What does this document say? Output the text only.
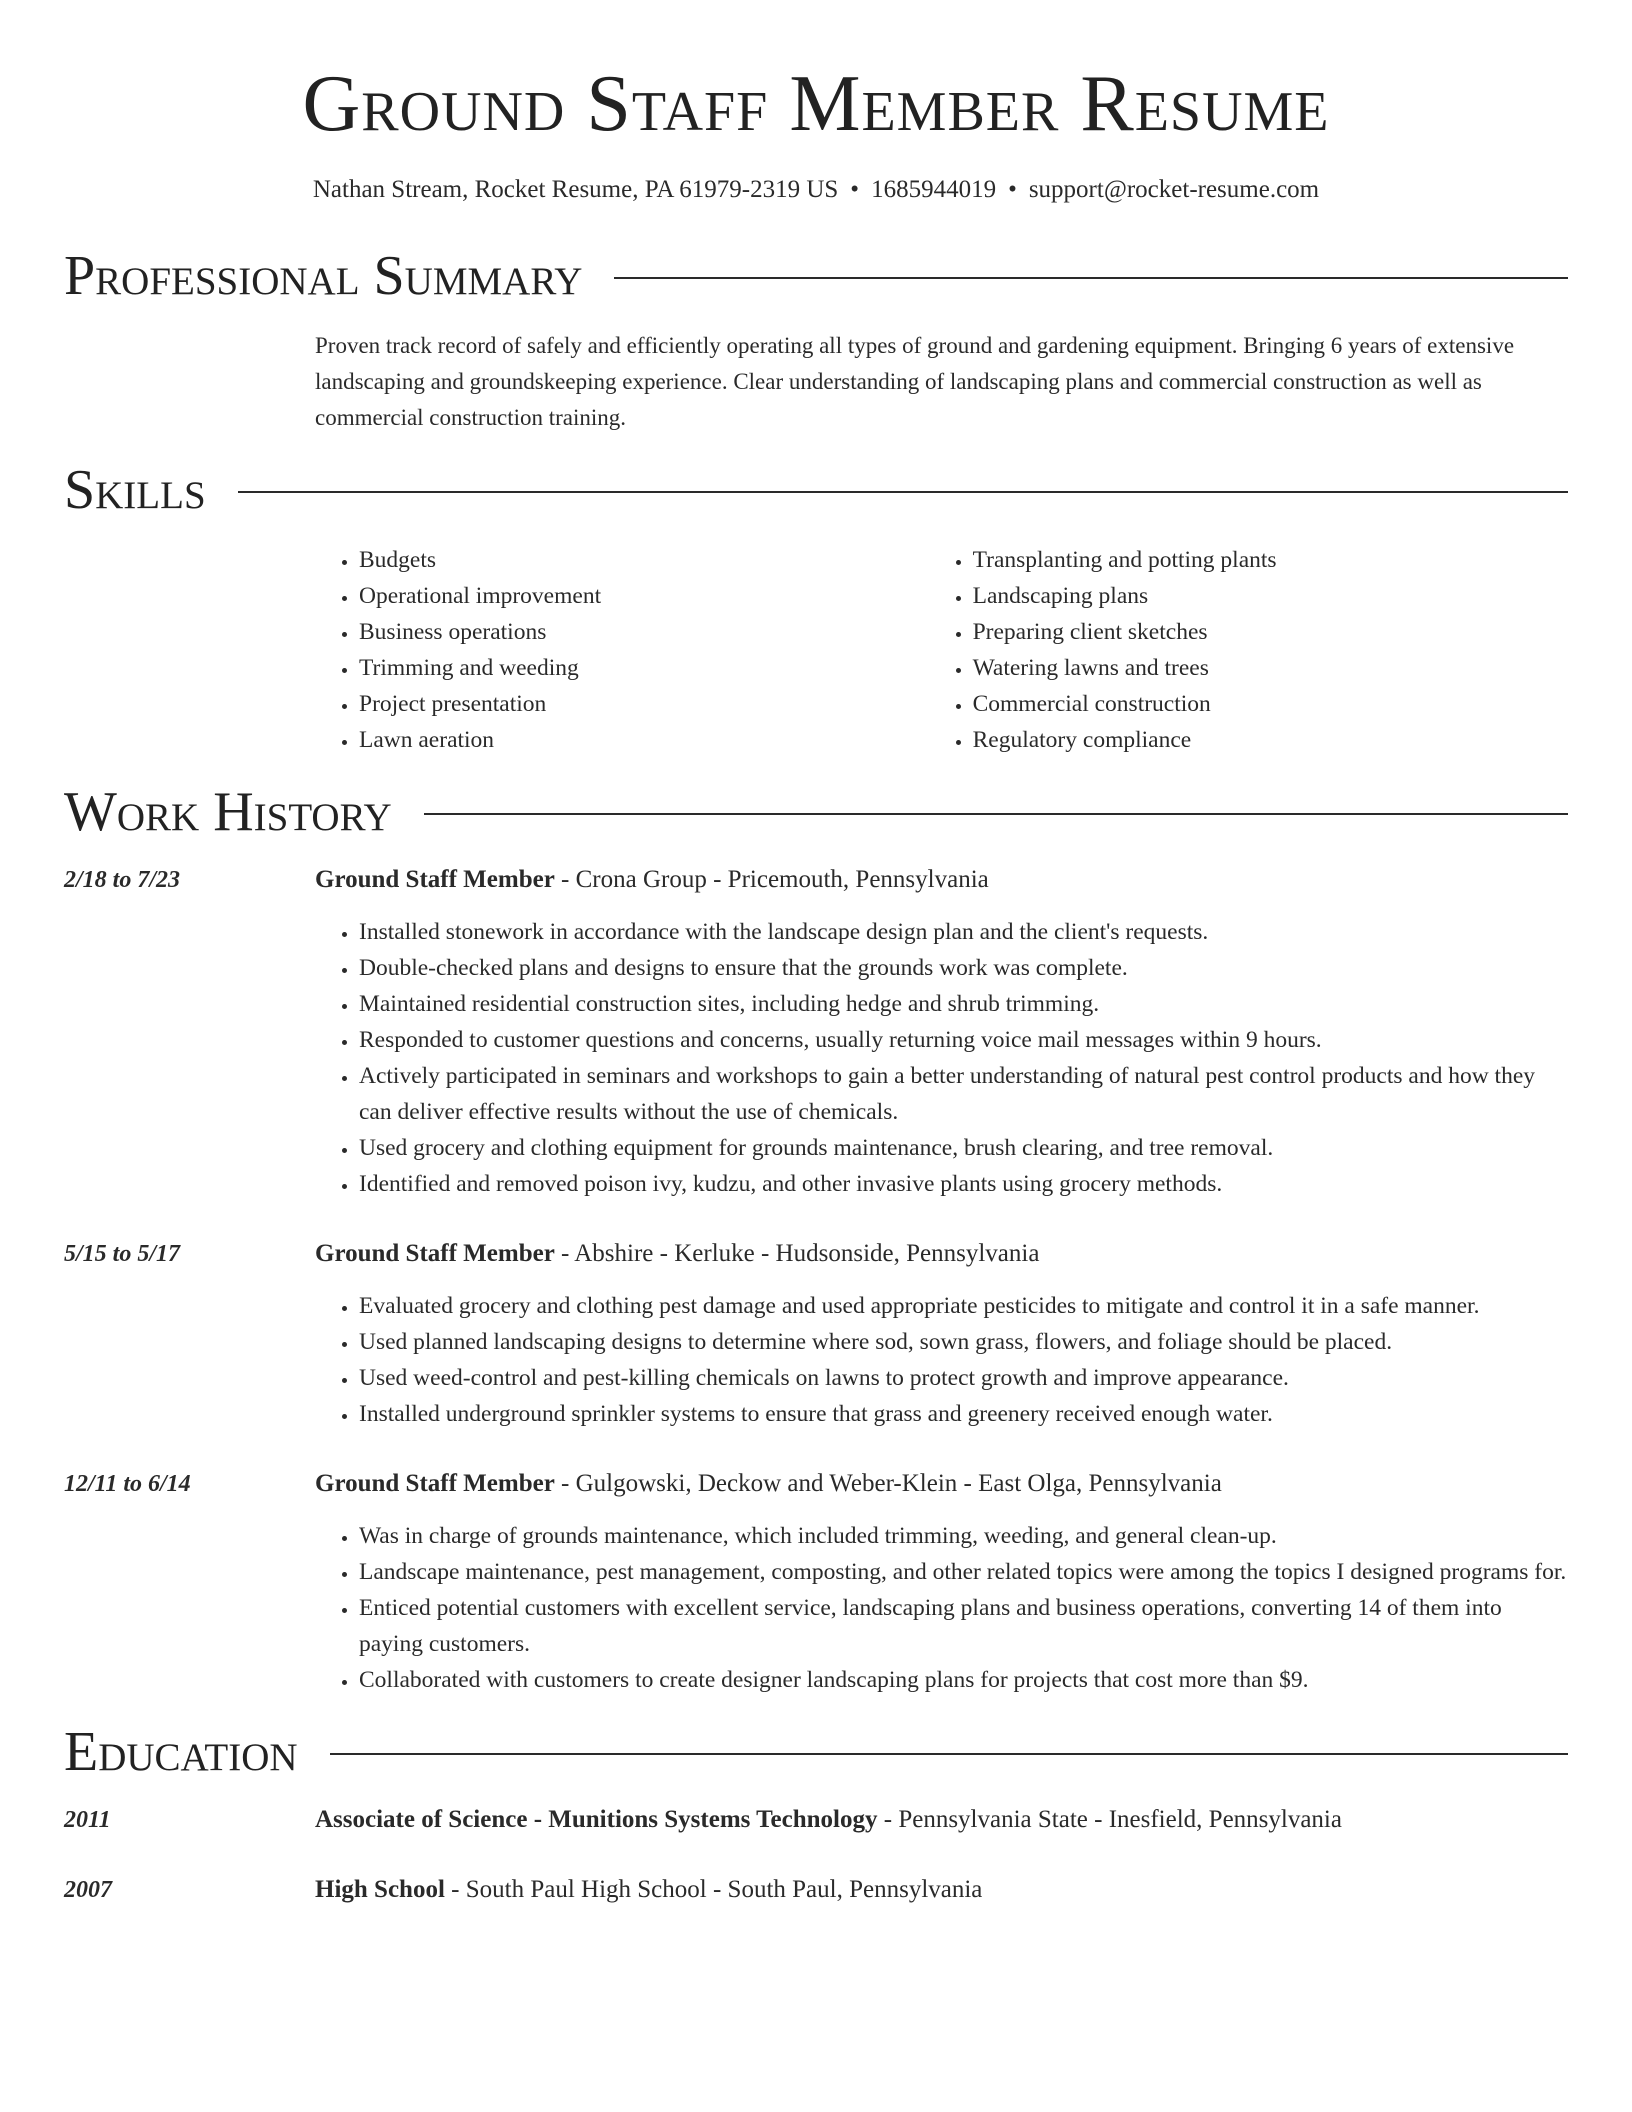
Ground Staff Member Resume
Nathan Stream, Rocket Resume, PA 61979-2319 US • 1685944019 • support@rocket-resume.com
Professional Summary
Proven track record of safely and efficiently operating all types of ground and gardening equipment. Bringing 6 years of extensive landscaping and groundskeeping experience. Clear understanding of landscaping plans and commercial construction as well as commercial construction training.
Skills
• Budgets
• Operational improvement
• Business operations
• Trimming and weeding
• Project presentation
• Lawn aeration
• Transplanting and potting plants
• Landscaping plans
• Preparing client sketches
• Watering lawns and trees
• Commercial construction
• Regulatory compliance
Work History
2/18 to 7/23	Ground Staff Member - Crona Group - Pricemouth, Pennsylvania
• Installed stonework in accordance with the landscape design plan and the client's requests.
• Double-checked plans and designs to ensure that the grounds work was complete.
• Maintained residential construction sites, including hedge and shrub trimming.
• Responded to customer questions and concerns, usually returning voice mail messages within 9 hours.
• Actively participated in seminars and workshops to gain a better understanding of natural pest control products and how they can deliver effective results without the use of chemicals.
• Used grocery and clothing equipment for grounds maintenance, brush clearing, and tree removal.
• Identified and removed poison ivy, kudzu, and other invasive plants using grocery methods.
5/15 to 5/17	Ground Staff Member - Abshire - Kerluke - Hudsonside, Pennsylvania
• Evaluated grocery and clothing pest damage and used appropriate pesticides to mitigate and control it in a safe manner.
• Used planned landscaping designs to determine where sod, sown grass, flowers, and foliage should be placed.
• Used weed-control and pest-killing chemicals on lawns to protect growth and improve appearance.
• Installed underground sprinkler systems to ensure that grass and greenery received enough water.
12/11 to 6/14	Ground Staff Member - Gulgowski, Deckow and Weber-Klein - East Olga, Pennsylvania
• Was in charge of grounds maintenance, which included trimming, weeding, and general clean-up.
• Landscape maintenance, pest management, composting, and other related topics were among the topics I designed programs for.
• Enticed potential customers with excellent service, landscaping plans and business operations, converting 14 of them into paying customers.
• Collaborated with customers to create designer landscaping plans for projects that cost more than $9.
Education
2011	Associate of Science - Munitions Systems Technology - Pennsylvania State - Inesfield, Pennsylvania
2007	High School - South Paul High School - South Paul, Pennsylvania
